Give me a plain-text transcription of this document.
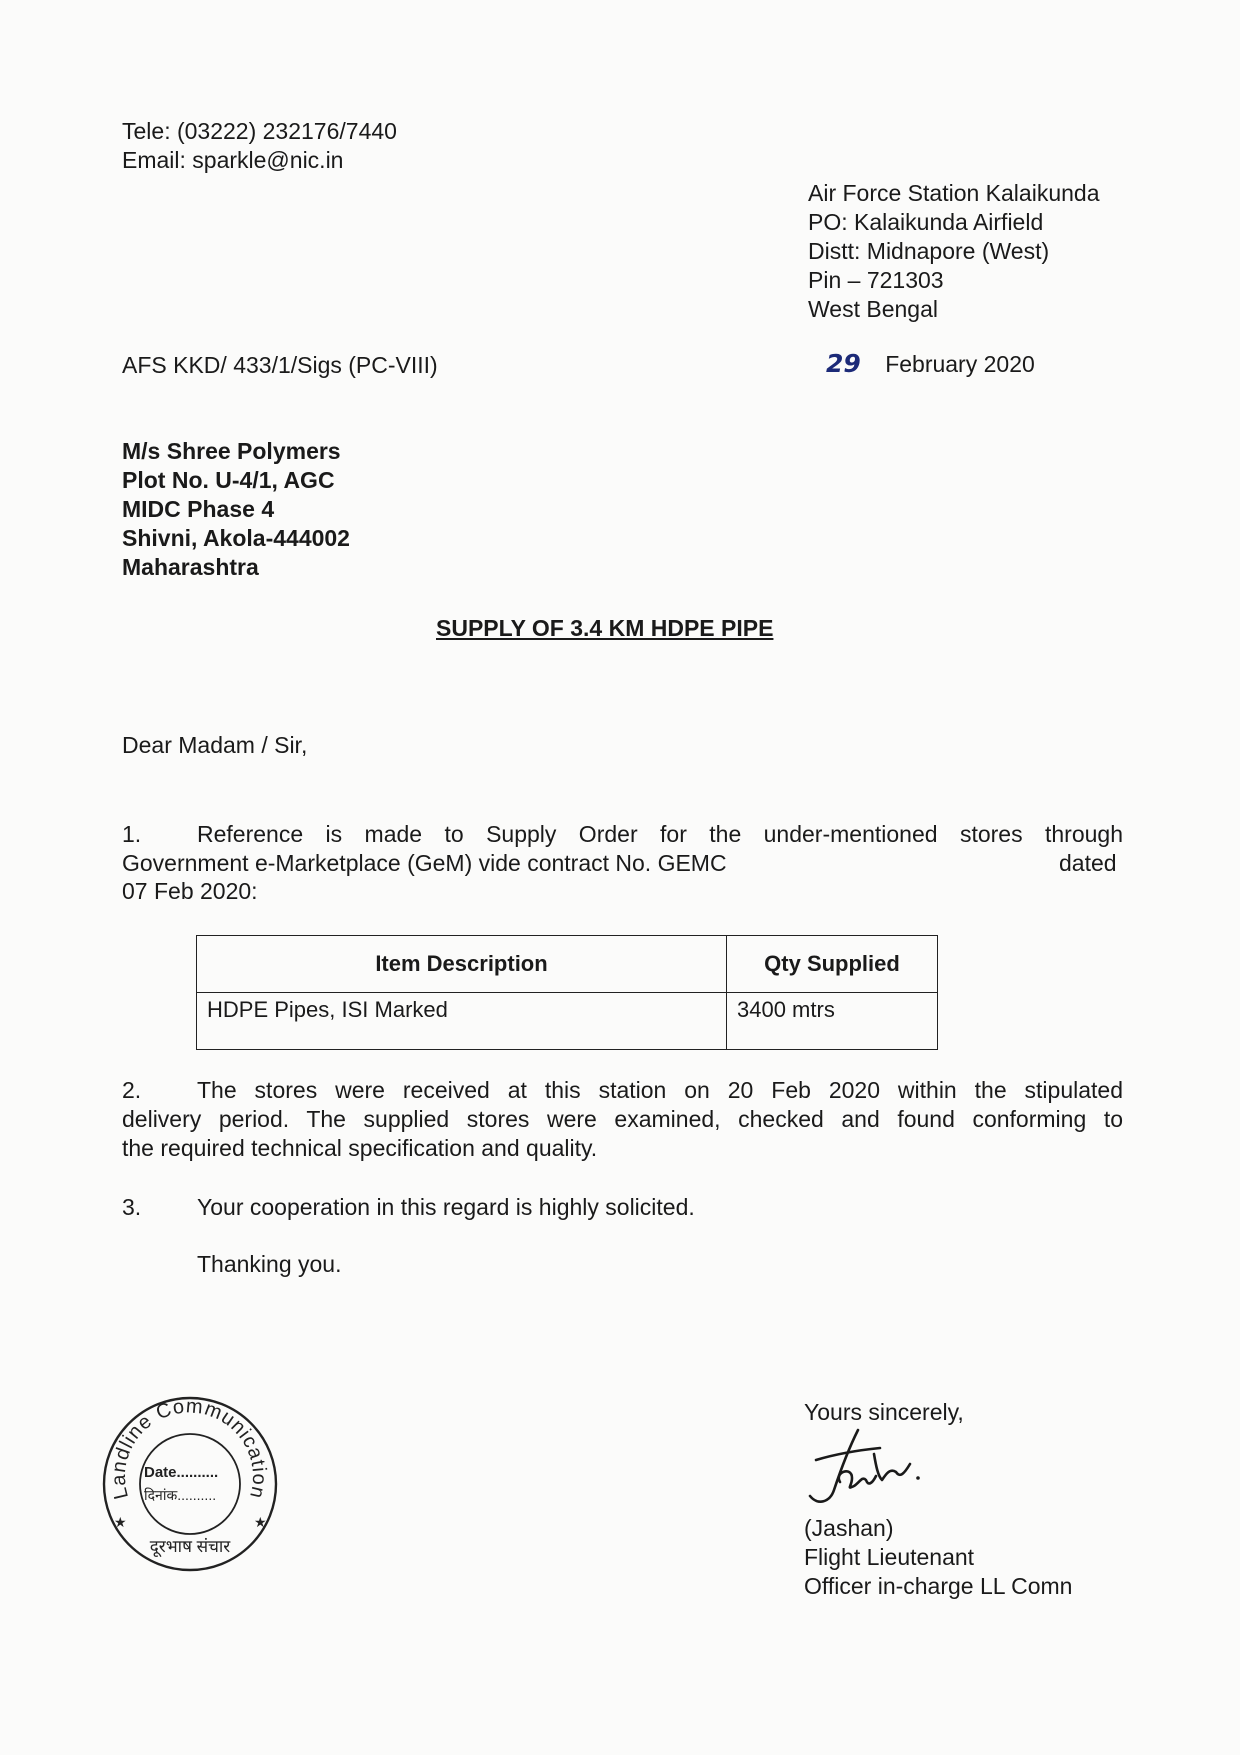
Tele: (03222) 232176/7440
Email: sparkle@nic.in
Air Force Station Kalaikunda
PO: Kalaikunda Airfield
Distt: Midnapore (West)
Pin – 721303
West Bengal
AFS KKD/ 433/1/Sigs (PC-VIII)	29 February 2020
M/s Shree Polymers
Plot No. U-4/1, AGC
MIDC Phase 4
Shivni, Akola-444002
Maharashtra
SUPPLY OF 3.4 KM HDPE PIPE
Dear Madam / Sir,
1. Reference is made to Supply Order for the under-mentioned stores through
Government e-Marketplace (GeM) vide contract No. GEMC	dated
07 Feb 2020:
Item Description	Qty Supplied
HDPE Pipes, ISI Marked	3400 mtrs
2. The stores were received at this station on 20 Feb 2020 within the stipulated
delivery period. The supplied stores were examined, checked and found conforming to
the required technical specification and quality.
3. Your cooperation in this regard is highly solicited.
Thanking you.
Landline Communication
Date..........
दिनांक..........
दूरभाष संचार
★	★
Yours sincerely,
(Jashan)
Flight Lieutenant
Officer in-charge LL Comn
